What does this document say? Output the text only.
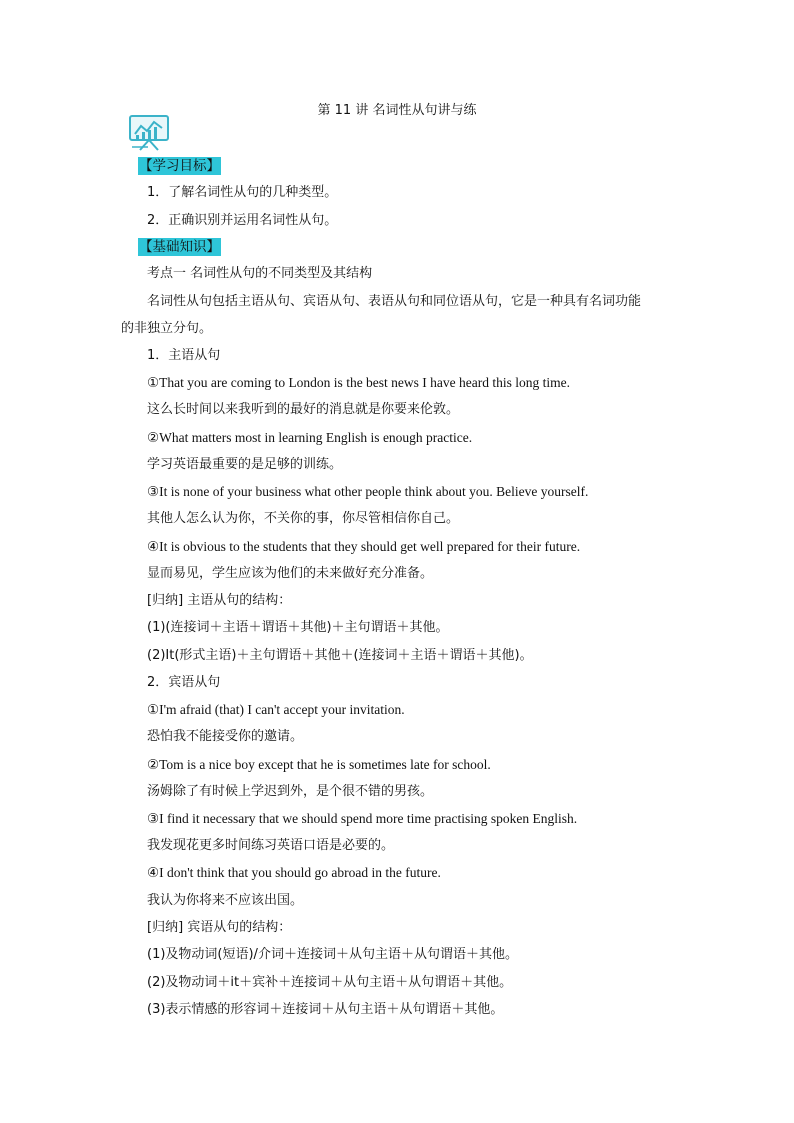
第 11 讲 名词性从句讲与练
【学习目标】
1．了解名词性从句的几种类型。
2．正确识别并运用名词性从句。
【基础知识】
考点一 名词性从句的不同类型及其结构
名词性从句包括主语从句、宾语从句、表语从句和同位语从句，它是一种具有名词功能
的非独立分句。
1．主语从句
①That you are coming to London is the best news I have heard this long time.
这么长时间以来我听到的最好的消息就是你要来伦敦。
②What matters most in learning English is enough practice.
学习英语最重要的是足够的训练。
③It is none of your business what other people think about you. Believe yourself.
其他人怎么认为你，不关你的事，你尽管相信你自己。
④It is obvious to the students that they should get well prepared for their future.
显而易见，学生应该为他们的未来做好充分准备。
[归纳] 主语从句的结构：
(1)(连接词＋主语＋谓语＋其他)＋主句谓语＋其他。
(2)It(形式主语)＋主句谓语＋其他＋(连接词＋主语＋谓语＋其他)。
2．宾语从句
①I'm afraid (that) I can't accept your invitation.
恐怕我不能接受你的邀请。
②Tom is a nice boy except that he is sometimes late for school.
汤姆除了有时候上学迟到外，是个很不错的男孩。
③I find it necessary that we should spend more time practising spoken English.
我发现花更多时间练习英语口语是必要的。
④I don't think that you should go abroad in the future.
我认为你将来不应该出国。
[归纳] 宾语从句的结构：
(1)及物动词(短语)/介词＋连接词＋从句主语＋从句谓语＋其他。
(2)及物动词＋it＋宾补＋连接词＋从句主语＋从句谓语＋其他。
(3)表示情感的形容词＋连接词＋从句主语＋从句谓语＋其他。
